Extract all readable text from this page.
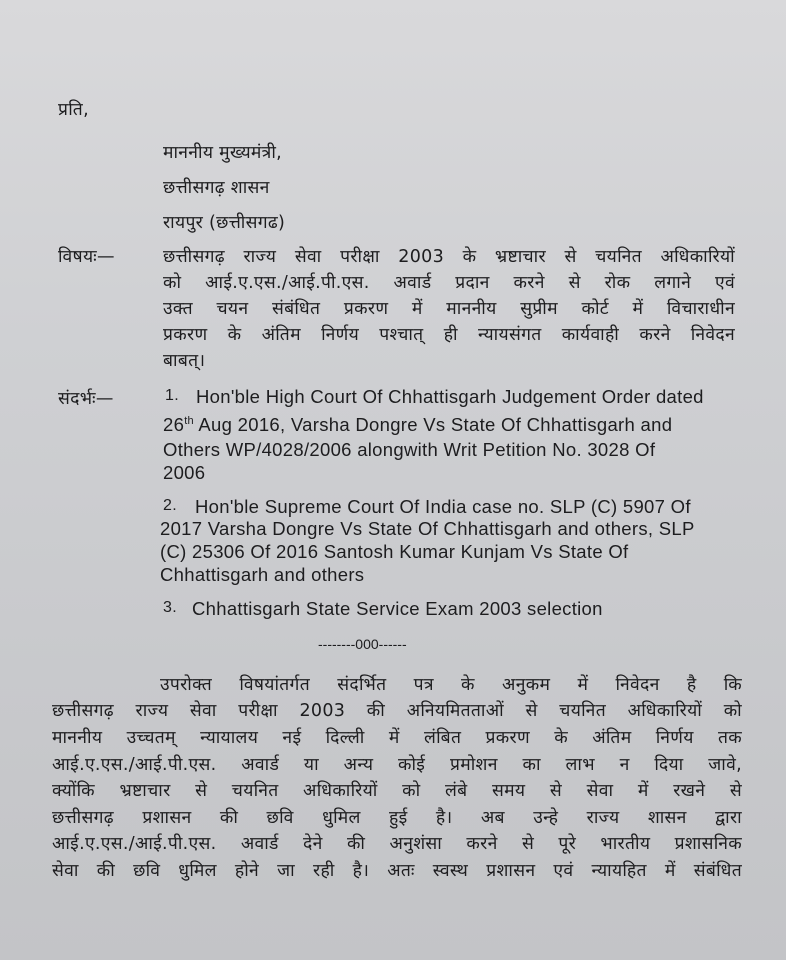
प्रति,
माननीय मुख्यमंत्री,
छत्तीसगढ़ शासन
रायपुर (छत्तीसगढ)
विषयः—	छत्तीसगढ़ राज्य सेवा परीक्षा 2003 के भ्रष्टाचार से चयनित अधिकारियों
को आई.ए.एस./आई.पी.एस. अवार्ड प्रदान करने से रोक लगाने एवं
उक्त चयन संबंधित प्रकरण में माननीय सुप्रीम कोर्ट में विचाराधीन
प्रकरण के अंतिम निर्णय पश्चात् ही न्यायसंगत कार्यवाही करने निवेदन
बाबत्।
संदर्भः—	1. Hon'ble High Court Of Chhattisgarh Judgement Order dated
26th Aug 2016, Varsha Dongre Vs State Of Chhattisgarh and
Others WP/4028/2006 alongwith Writ Petition No. 3028 Of
2006
2. Hon'ble Supreme Court Of India case no. SLP (C) 5907 Of
2017 Varsha Dongre Vs State Of Chhattisgarh and others, SLP
(C) 25306 Of 2016 Santosh Kumar Kunjam Vs State Of
Chhattisgarh and others
3. Chhattisgarh State Service Exam 2003 selection
--------000------
उपरोक्त विषयांतर्गत संदर्भित पत्र के अनुकम में निवेदन है कि
छत्तीसगढ़ राज्य सेवा परीक्षा 2003 की अनियमितताओं से चयनित अधिकारियों को
माननीय उच्चतम् न्यायालय नई दिल्ली में लंबित प्रकरण के अंतिम निर्णय तक
आई.ए.एस./आई.पी.एस. अवार्ड या अन्य कोई प्रमोशन का लाभ न दिया जावे,
क्योंकि भ्रष्टाचार से चयनित अधिकारियों को लंबे समय से सेवा में रखने से
छत्तीसगढ़ प्रशासन की छवि धुमिल हुई है। अब उन्हे राज्य शासन द्वारा
आई.ए.एस./आई.पी.एस. अवार्ड देने की अनुशंसा करने से पूरे भारतीय प्रशासनिक
सेवा की छवि धुमिल होने जा रही है। अतः स्वस्थ प्रशासन एवं न्यायहित में संबंधित
